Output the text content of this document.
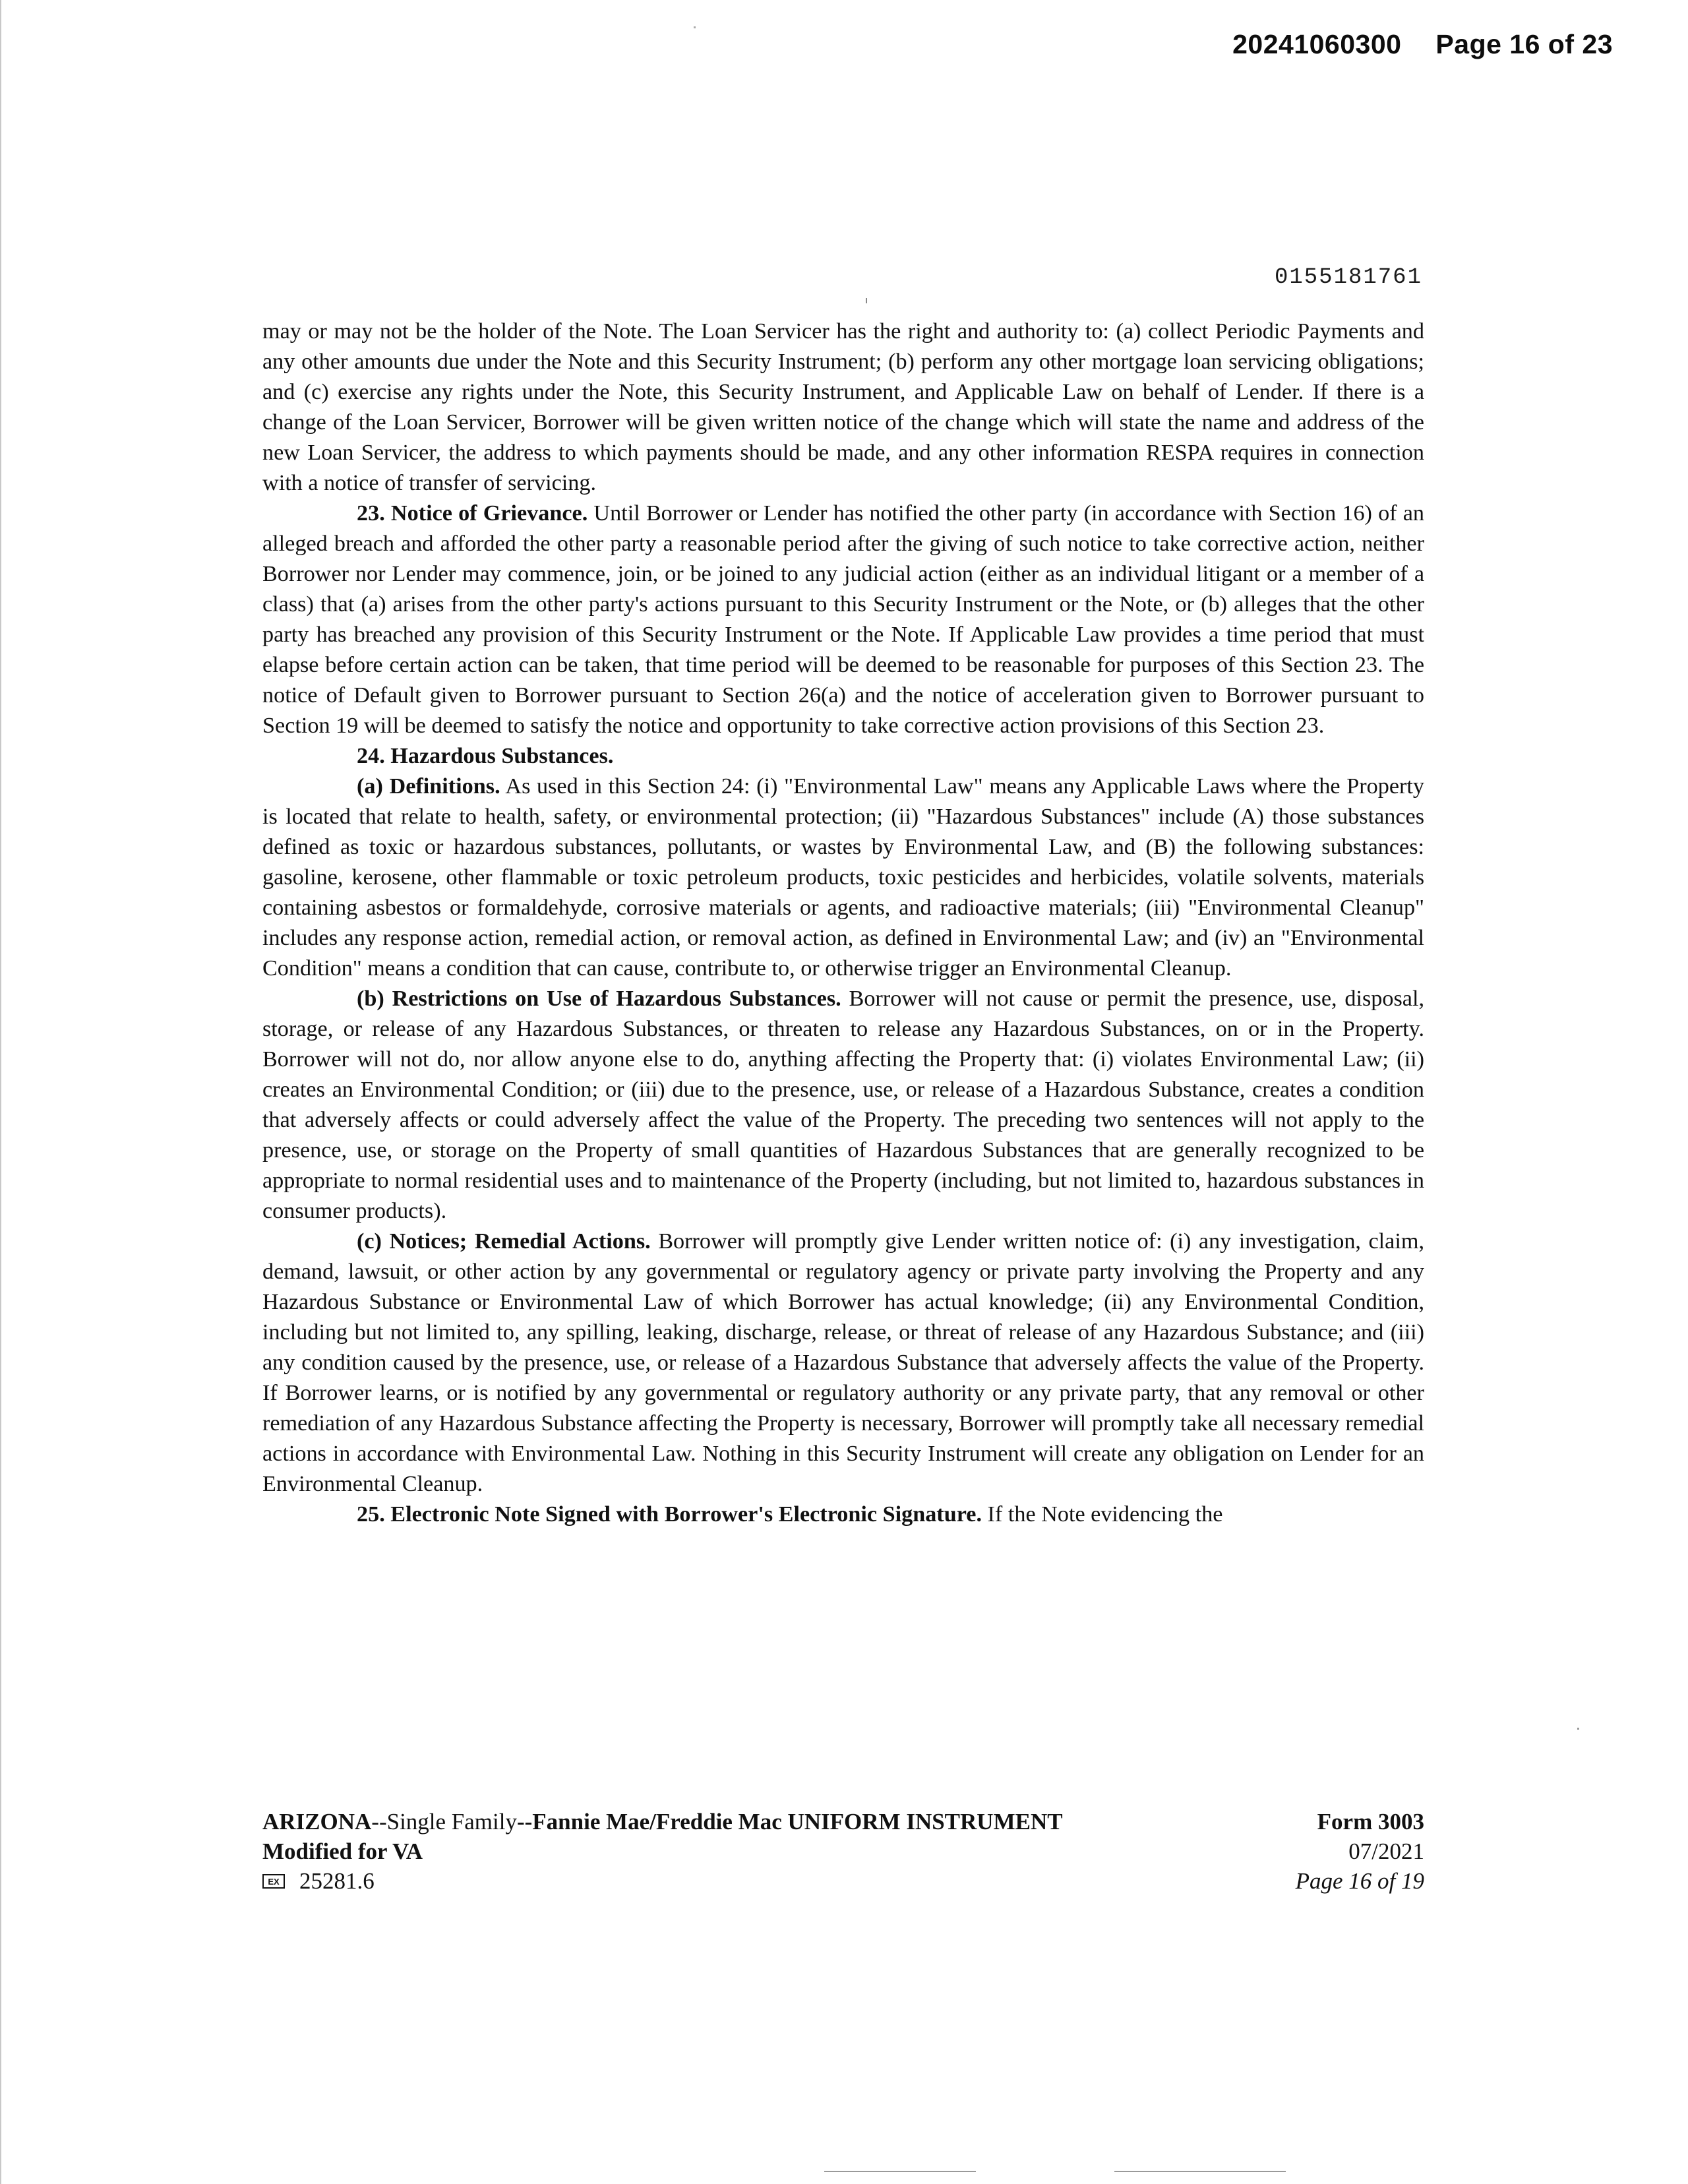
20241060300 Page 16 of 23
0155181761

may or may not be the holder of the Note. The Loan Servicer has the right and authority to: (a) collect Periodic Payments and any other amounts due under the Note and this Security Instrument; (b) perform any other mortgage loan servicing obligations; and (c) exercise any rights under the Note, this Security Instrument, and Applicable Law on behalf of Lender. If there is a change of the Loan Servicer, Borrower will be given written notice of the change which will state the name and address of the new Loan Servicer, the address to which payments should be made, and any other information RESPA requires in connection with a notice of transfer of servicing.

23. Notice of Grievance. Until Borrower or Lender has notified the other party (in accordance with Section 16) of an alleged breach and afforded the other party a reasonable period after the giving of such notice to take corrective action, neither Borrower nor Lender may commence, join, or be joined to any judicial action (either as an individual litigant or a member of a class) that (a) arises from the other party's actions pursuant to this Security Instrument or the Note, or (b) alleges that the other party has breached any provision of this Security Instrument or the Note. If Applicable Law provides a time period that must elapse before certain action can be taken, that time period will be deemed to be reasonable for purposes of this Section 23. The notice of Default given to Borrower pursuant to Section 26(a) and the notice of acceleration given to Borrower pursuant to Section 19 will be deemed to satisfy the notice and opportunity to take corrective action provisions of this Section 23.

24. Hazardous Substances.

(a) Definitions. As used in this Section 24: (i) "Environmental Law" means any Applicable Laws where the Property is located that relate to health, safety, or environmental protection; (ii) "Hazardous Substances" include (A) those substances defined as toxic or hazardous substances, pollutants, or wastes by Environmental Law, and (B) the following substances: gasoline, kerosene, other flammable or toxic petroleum products, toxic pesticides and herbicides, volatile solvents, materials containing asbestos or formaldehyde, corrosive materials or agents, and radioactive materials; (iii) "Environmental Cleanup" includes any response action, remedial action, or removal action, as defined in Environmental Law; and (iv) an "Environmental Condition" means a condition that can cause, contribute to, or otherwise trigger an Environmental Cleanup.

(b) Restrictions on Use of Hazardous Substances. Borrower will not cause or permit the presence, use, disposal, storage, or release of any Hazardous Substances, or threaten to release any Hazardous Substances, on or in the Property. Borrower will not do, nor allow anyone else to do, anything affecting the Property that: (i) violates Environmental Law; (ii) creates an Environmental Condition; or (iii) due to the presence, use, or release of a Hazardous Substance, creates a condition that adversely affects or could adversely affect the value of the Property. The preceding two sentences will not apply to the presence, use, or storage on the Property of small quantities of Hazardous Substances that are generally recognized to be appropriate to normal residential uses and to maintenance of the Property (including, but not limited to, hazardous substances in consumer products).

(c) Notices; Remedial Actions. Borrower will promptly give Lender written notice of: (i) any investigation, claim, demand, lawsuit, or other action by any governmental or regulatory agency or private party involving the Property and any Hazardous Substance or Environmental Law of which Borrower has actual knowledge; (ii) any Environmental Condition, including but not limited to, any spilling, leaking, discharge, release, or threat of release of any Hazardous Substance; and (iii) any condition caused by the presence, use, or release of a Hazardous Substance that adversely affects the value of the Property. If Borrower learns, or is notified by any governmental or regulatory authority or any private party, that any removal or other remediation of any Hazardous Substance affecting the Property is necessary, Borrower will promptly take all necessary remedial actions in accordance with Environmental Law. Nothing in this Security Instrument will create any obligation on Lender for an Environmental Cleanup.

25. Electronic Note Signed with Borrower's Electronic Signature. If the Note evidencing the

ARIZONA--Single Family--Fannie Mae/Freddie Mac UNIFORM INSTRUMENT
Modified for VA
EX 25281.6
Form 3003
07/2021
Page 16 of 19
